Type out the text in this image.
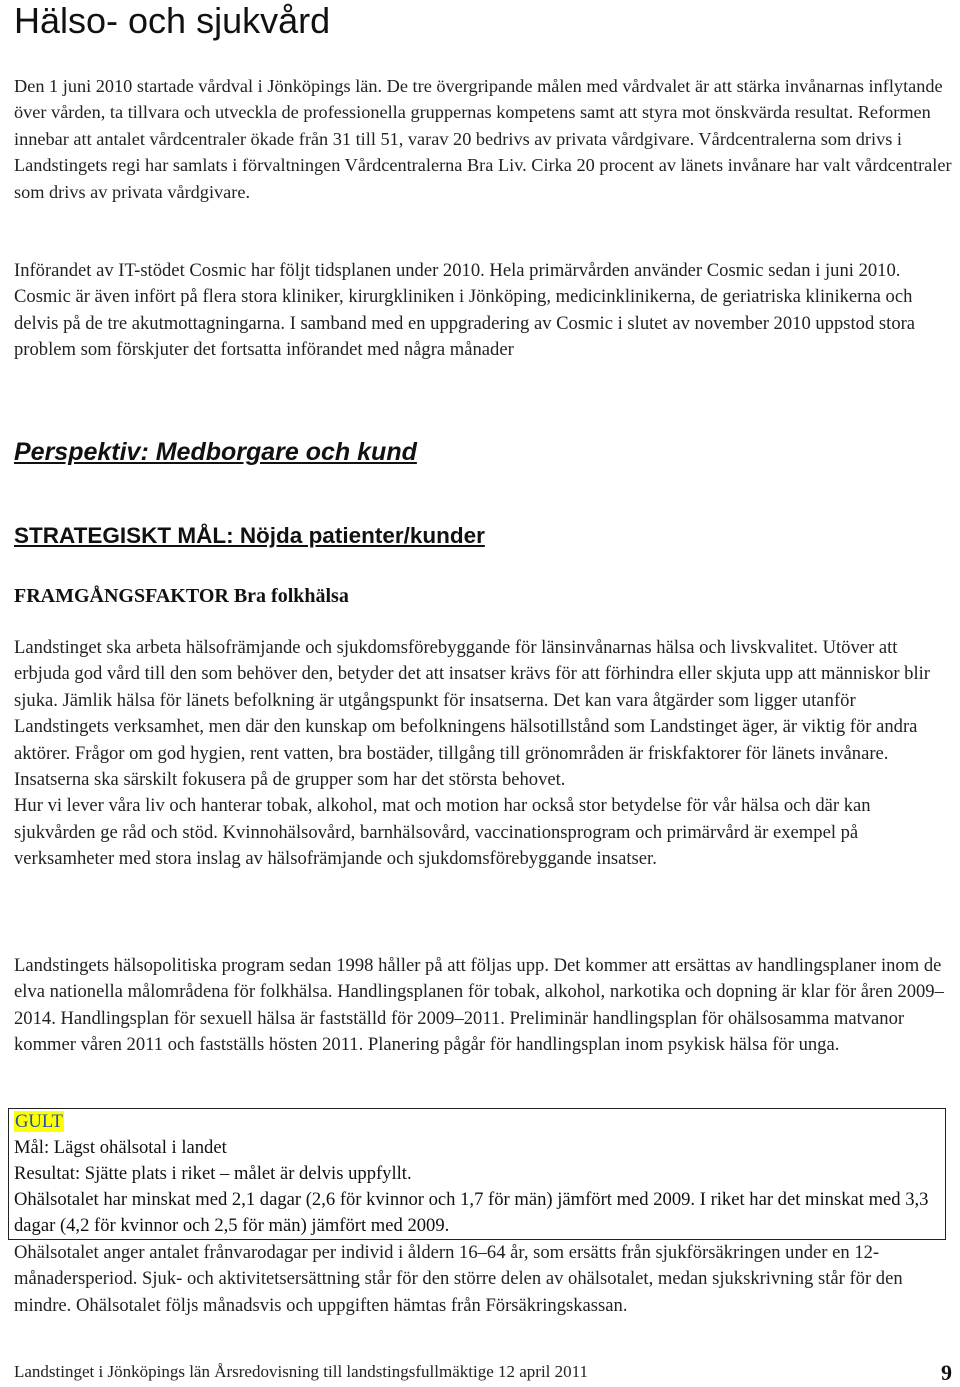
Hälso- och sjukvård

Den 1 juni 2010 startade vårdval i Jönköpings län. De tre övergripande målen med vårdvalet är att stärka invånarnas inflytande över vården, ta tillvara och utveckla de professionella gruppernas kompetens samt att styra mot önskvärda resultat. Reformen innebar att antalet vårdcentraler ökade från 31 till 51, varav 20 bedrivs av privata vårdgivare. Vårdcentralerna som drivs i Landstingets regi har samlats i förvaltningen Vårdcentralerna Bra Liv. Cirka 20 procent av länets invånare har valt vårdcentraler som drivs av privata vårdgivare.

Införandet av IT-stödet Cosmic har följt tidsplanen under 2010. Hela primärvården använder Cosmic sedan i juni 2010. Cosmic är även infört på flera stora kliniker, kirurgkliniken i Jönköping, medicinklinikerna, de geriatriska klinikerna och delvis på de tre akutmottagningarna. I samband med en uppgradering av Cosmic i slutet av november 2010 uppstod stora problem som förskjuter det fortsatta införandet med några månader

Perspektiv: Medborgare och kund
STRATEGISKT MÅL: Nöjda patienter/kunder
FRAMGÅNGSFAKTOR Bra folkhälsa
Landstinget ska arbeta hälsofrämjande och sjukdomsförebyggande för länsinvånarnas hälsa och livskvalitet. Utöver att erbjuda god vård till den som behöver den, betyder det att insatser krävs för att förhindra eller skjuta upp att människor blir sjuka. Jämlik hälsa för länets befolkning är utgångspunkt för insatserna. Det kan vara åtgärder som ligger utanför Landstingets verksamhet, men där den kunskap om befolkningens hälsotillstånd som Landstinget äger, är viktig för andra aktörer. Frågor om god hygien, rent vatten, bra bostäder, tillgång till grönområden är friskfaktorer för länets invånare. Insatserna ska särskilt fokusera på de grupper som har det största behovet.
Hur vi lever våra liv och hanterar tobak, alkohol, mat och motion har också stor betydelse för vår hälsa och där kan sjukvården ge råd och stöd. Kvinnohälsovård, barnhälsovård, vaccinationsprogram och primärvård är exempel på verksamheter med stora inslag av hälsofrämjande och sjukdomsförebyggande insatser.

Landstingets hälsopolitiska program sedan 1998 håller på att följas upp. Det kommer att ersättas av handlingsplaner inom de elva nationella målområdena för folkhälsa. Handlingsplanen för tobak, alkohol, narkotika och dopning är klar för åren 2009–2014. Handlingsplan för sexuell hälsa är fastställd för 2009–2011. Preliminär handlingsplan för ohälsosamma matvanor kommer våren 2011 och fastställs hösten 2011. Planering pågår för handlingsplan inom psykisk hälsa för unga.

GULT
Mål: Lägst ohälsotal i landet
Resultat: Sjätte plats i riket – målet är delvis uppfyllt.
Ohälsotalet har minskat med 2,1 dagar (2,6 för kvinnor och 1,7 för män) jämfört med 2009. I riket har det minskat med 3,3 dagar (4,2 för kvinnor och 2,5 för män) jämfört med 2009.

Ohälsotalet anger antalet frånvarodagar per individ i åldern 16–64 år, som ersätts från sjukförsäkringen under en 12-månadersperiod. Sjuk- och aktivitetsersättning står för den större delen av ohälsotalet, medan sjukskrivning står för den mindre. Ohälsotalet följs månadsvis och uppgiften hämtas från Försäkringskassan.

Landstinget i Jönköpings län Årsredovisning till landstingsfullmäktige 12 april 2011	9
